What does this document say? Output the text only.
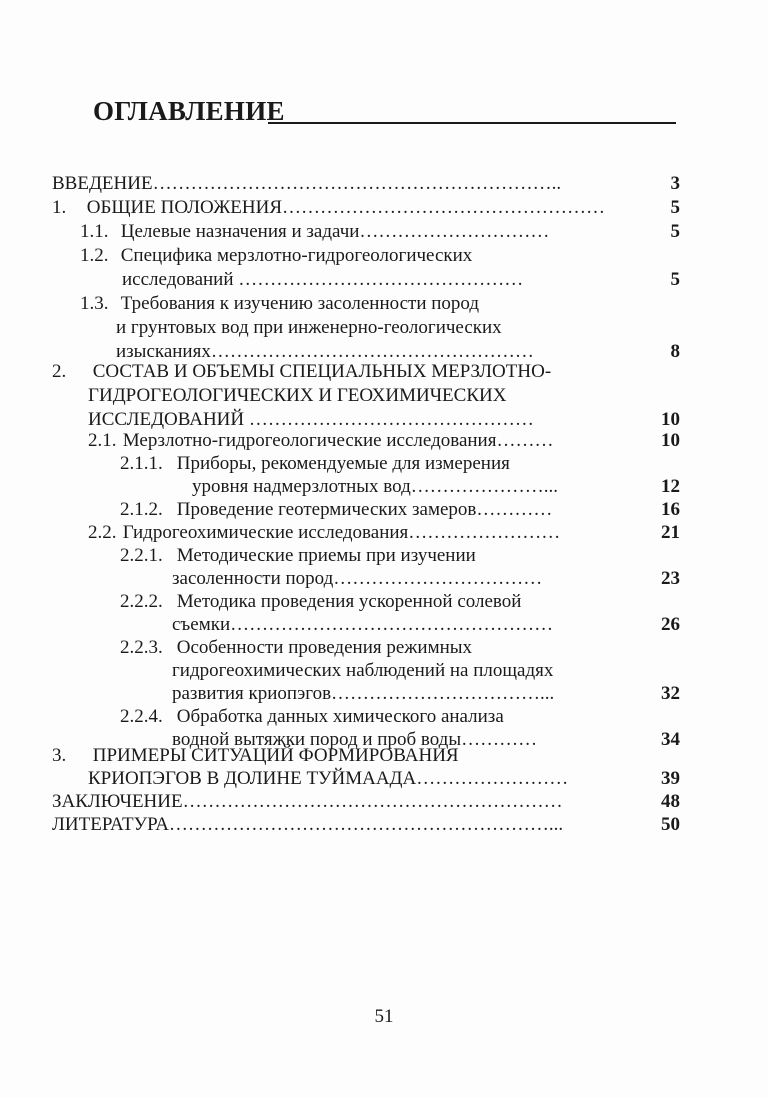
ОГЛАВЛЕНИЕ
ВВЕДЕНИЕ………………………………………………………..	3
1. ОБЩИЕ ПОЛОЖЕНИЯ……………………………………………	5
1.1. Целевые назначения и задачи…………………………	5
1.2. Специфика мерзлотно-гидрогеологических
исследований ………………………………………	5
1.3. Требования к изучению засоленности пород
и грунтовых вод при инженерно-геологических
изысканиях……………………………………………	8
2. СОСТАВ И ОБЪЕМЫ СПЕЦИАЛЬНЫХ МЕРЗЛОТНО-
ГИДРОГЕОЛОГИЧЕСКИХ И ГЕОХИМИЧЕСКИХ
ИССЛЕДОВАНИЙ ………………………………………	10
2.1. Мерзлотно-гидрогеологические исследования………	10
2.1.1. Приборы, рекомендуемые для измерения
уровня надмерзлотных вод…………………...	12
2.1.2. Проведение геотермических замеров…………	16
2.2. Гидрогеохимические исследования……………………	21
2.2.1. Методические приемы при изучении
засоленности пород……………………………	23
2.2.2. Методика проведения ускоренной солевой
съемки……………………………………………	26
2.2.3. Особенности проведения режимных
гидрогеохимических наблюдений на площадях
развития криопэгов……………………………...	32
2.2.4. Обработка данных химического анализа
водной вытяжки пород и проб воды…………	34
3. ПРИМЕРЫ СИТУАЦИЙ ФОРМИРОВАНИЯ
КРИОПЭГОВ В ДОЛИНЕ ТУЙМААДА……………………	39
ЗАКЛЮЧЕНИЕ……………………………………………………	48
ЛИТЕРАТУРА……………………………………………………...	50
51
